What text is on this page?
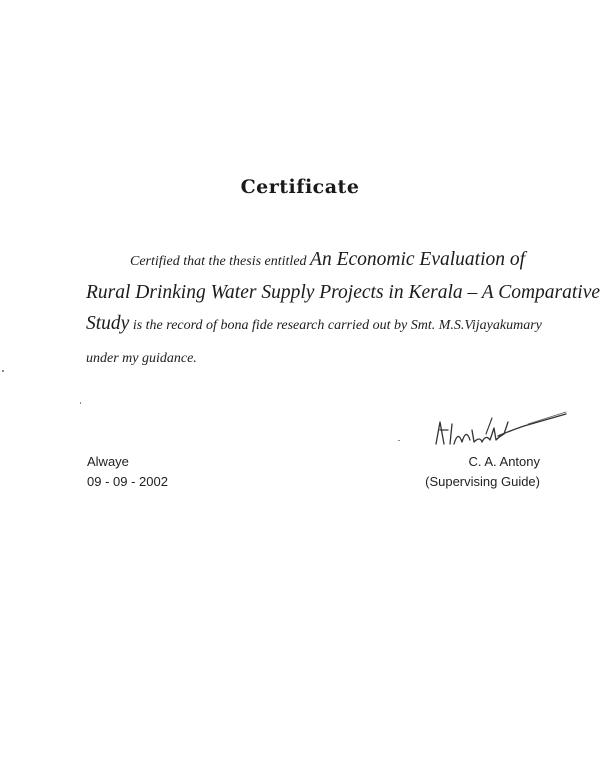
Certificate
Certified that the thesis entitled An Economic Evaluation of
Rural Drinking Water Supply Projects in Kerala – A Comparative
Study is the record of bona fide research carried out by Smt. M.S.Vijayakumary
under my guidance.
Alwaye
09 - 09 - 2002
C. A. Antony
(Supervising Guide)
